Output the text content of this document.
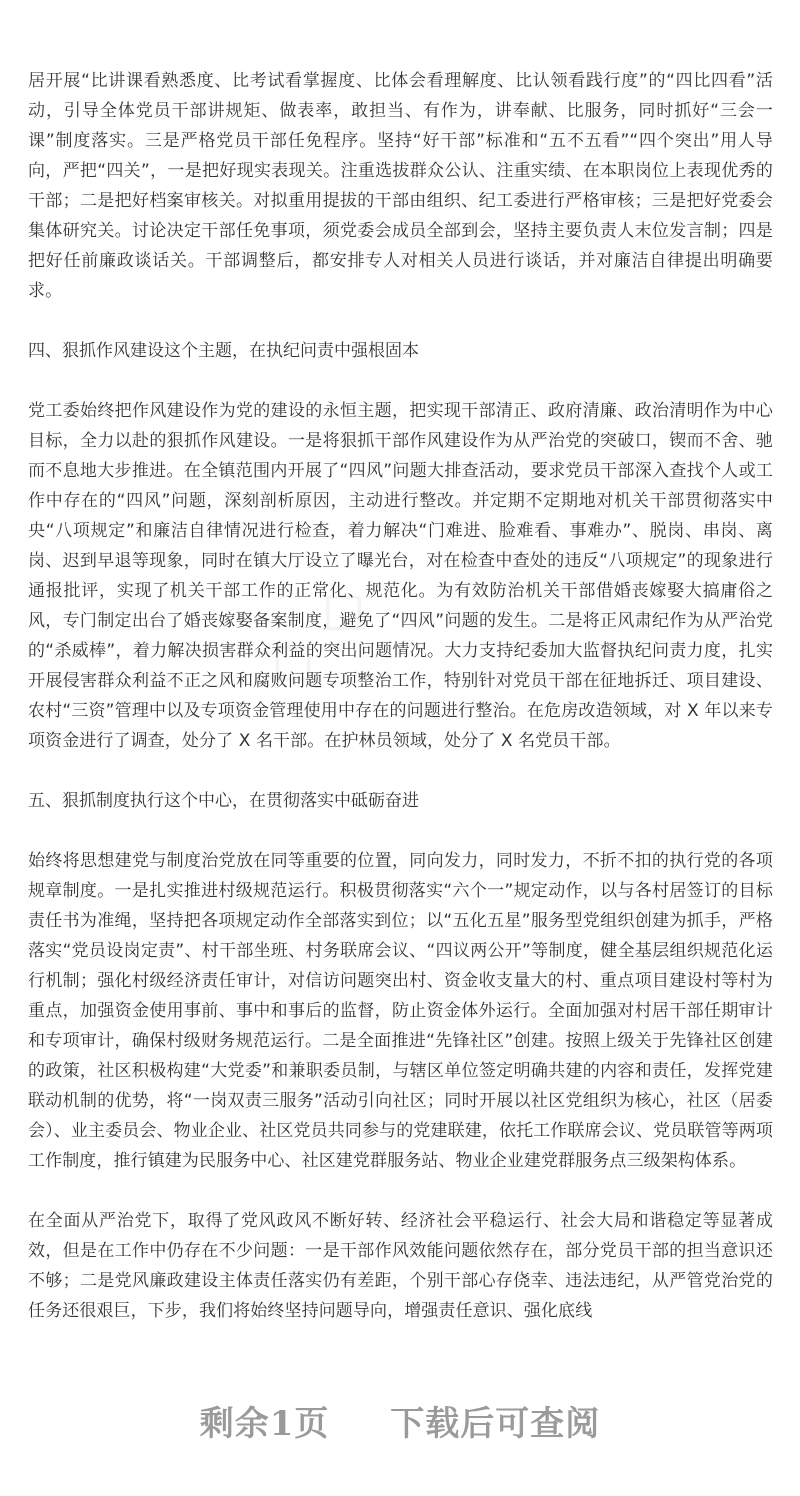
居开展“比讲课看熟悉度、比考试看掌握度、比体会看理解度、比认领看践行度”的“四比四看”活动，引导全体党员干部讲规矩、做表率，敢担当、有作为，讲奉献、比服务，同时抓好“三会一课”制度落实。三是严格党员干部任免程序。坚持“好干部”标准和“五不五看”“四个突出”用人导向，严把“四关”，一是把好现实表现关。注重选拔群众公认、注重实绩、在本职岗位上表现优秀的干部；二是把好档案审核关。对拟重用提拔的干部由组织、纪工委进行严格审核；三是把好党委会集体研究关。讨论决定干部任免事项，须党委会成员全部到会，坚持主要负责人末位发言制；四是把好任前廉政谈话关。干部调整后，都安排专人对相关人员进行谈话，并对廉洁自律提出明确要求。

四、狠抓作风建设这个主题，在执纪问责中强根固本

党工委始终把作风建设作为党的建设的永恒主题，把实现干部清正、政府清廉、政治清明作为中心目标，全力以赴的狠抓作风建设。一是将狠抓干部作风建设作为从严治党的突破口，锲而不舍、驰而不息地大步推进。在全镇范围内开展了“四风”问题大排查活动，要求党员干部深入查找个人或工作中存在的“四风”问题，深刻剖析原因，主动进行整改。并定期不定期地对机关干部贯彻落实中央“八项规定”和廉洁自律情况进行检查，着力解决“门难进、脸难看、事难办”、脱岗、串岗、离岗、迟到早退等现象，同时在镇大厅设立了曝光台，对在检查中查处的违反“八项规定”的现象进行通报批评，实现了机关干部工作的正常化、规范化。为有效防治机关干部借婚丧嫁娶大搞庸俗之风，专门制定出台了婚丧嫁娶备案制度，避免了“四风”问题的发生。二是将正风肃纪作为从严治党的“杀威棒”，着力解决损害群众利益的突出问题情况。大力支持纪委加大监督执纪问责力度，扎实开展侵害群众利益不正之风和腐败问题专项整治工作，特别针对党员干部在征地拆迁、项目建设、农村“三资”管理中以及专项资金管理使用中存在的问题进行整治。在危房改造领域，对 X 年以来专项资金进行了调查，处分了 X 名干部。在护林员领域，处分了 X 名党员干部。

五、狠抓制度执行这个中心，在贯彻落实中砥砺奋进

始终将思想建党与制度治党放在同等重要的位置，同向发力，同时发力，不折不扣的执行党的各项规章制度。一是扎实推进村级规范运行。积极贯彻落实“六个一”规定动作，以与各村居签订的目标责任书为准绳，坚持把各项规定动作全部落实到位；以“五化五星”服务型党组织创建为抓手，严格落实“党员设岗定责”、村干部坐班、村务联席会议、“四议两公开”等制度，健全基层组织规范化运行机制；强化村级经济责任审计，对信访问题突出村、资金收支量大的村、重点项目建设村等村为重点，加强资金使用事前、事中和事后的监督，防止资金体外运行。全面加强对村居干部任期审计和专项审计，确保村级财务规范运行。二是全面推进“先锋社区”创建。按照上级关于先锋社区创建的政策，社区积极构建“大党委”和兼职委员制，与辖区单位签定明确共建的内容和责任，发挥党建联动机制的优势，将“一岗双责三服务”活动引向社区；同时开展以社区党组织为核心，社区（居委会）、业主委员会、物业企业、社区党员共同参与的党建联建，依托工作联席会议、党员联管等两项工作制度，推行镇建为民服务中心、社区建党群服务站、物业企业建党群服务点三级架构体系。

在全面从严治党下，取得了党风政风不断好转、经济社会平稳运行、社会大局和谐稳定等显著成效，但是在工作中仍存在不少问题：一是干部作风效能问题依然存在，部分党员干部的担当意识还不够；二是党风廉政建设主体责任落实仍有差距，个别干部心存侥幸、违法违纪，从严管党治党的任务还很艰巨，下步，我们将始终坚持问题导向，增强责任意识、强化底线

剩余1页 下载后可查阅
